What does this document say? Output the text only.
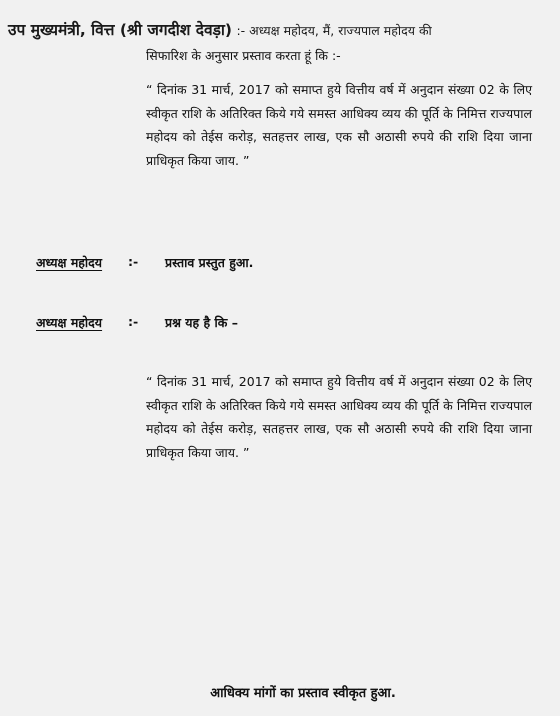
उप मुख्यमंत्री, वित्त (श्री जगदीश देवड़ा) :- अध्यक्ष महोदय, मैं, राज्यपाल महोदय की
सिफारिश के अनुसार प्रस्ताव करता हूं कि :-
“ दिनांक 31 मार्च, 2017 को समाप्त हुये वित्तीय वर्ष में अनुदान संख्या 02 के लिए स्वीकृत राशि के अतिरिक्त किये गये समस्त आधिक्य व्यय की पूर्ति के निमित्त राज्यपाल महोदय को तेईस करोड़, सतहत्तर लाख, एक सौ अठासी रुपये की राशि दिया जाना प्राधिकृत किया जाय. ”
अध्यक्ष महोदय :- प्रस्ताव प्रस्तुत हुआ.
अध्यक्ष महोदय :- प्रश्न यह है कि –
“ दिनांक 31 मार्च, 2017 को समाप्त हुये वित्तीय वर्ष में अनुदान संख्या 02 के लिए स्वीकृत राशि के अतिरिक्त किये गये समस्त आधिक्य व्यय की पूर्ति के निमित्त राज्यपाल महोदय को तेईस करोड़, सतहत्तर लाख, एक सौ अठासी रुपये की राशि दिया जाना प्राधिकृत किया जाय. ”
आधिक्य मांगों का प्रस्ताव स्वीकृत हुआ.
